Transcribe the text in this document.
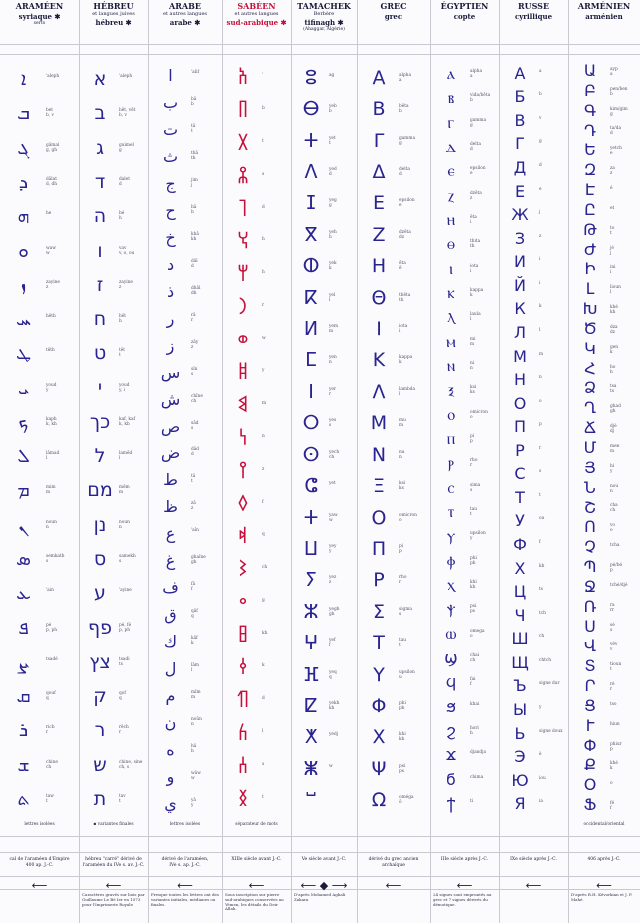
ARAMÉEN
syriaque ✱
serto
ܐ	'aleph
ܒ	bet
b, v
ܓ	gâmal
g, gh
ܕ	dâlat
d, dh
ܗ	he
ܘ	waw
w
ܙ	zayine
z
ܚ	hêth
ܛ	têth
ܝ	youd
y
ܟ	kaph
k, kh
ܠ	lâmad
l
ܡ	mim
m
ܢ	noun
n
ܣ	semkath
s
ܥ	'ain
ܦ	pé
p, ph
ܨ	tsadé
ܩ	qouf
q
ܪ	rich
r
ܫ	chine
ch
ܬ	taw
t
lettres isolées
cal de l'araméen d'Empire
400 ap. J.-C.
⟵
HÉBREU
et langues juives
hébreu ✱
א	'aleph
ב	bêt, vêt
b, v
ג	guimel
g
ד	dalet
d
ה	hé
h
ו	vav
v, o, ou
ז	zayine
z
ח	hêt
h
ט	têt
t
י	youd
y, i
כך	kaf, kaf
k, kh
ל	lamêd
l
מם	mêm
m
נן	noun
n
ס	samekh
s
ע	'ayine
פף	pé, fé
p, ph
צץ	tsadi
ts
ק	qof
q
ר	rêch
r
ש	chine, sine
ch, s
ת	tav
t
▪ variantes finales
hébreu "carré" dérivé de
l'araméen du IVe s. av. J.-C.
⟵
Caractères gravés sur bois par Guillaume Le Bé Ier en 1573 pour l'Imprimerie Royale
ARABE
et autres langues
arabe ✱
ا	'alif
ب	bâ
b
ت	tâ
t
ث	thâ
th
ج	jim
j
ح	hâ
h
خ	khâ
kh
د	dâl
d
ذ	dhâl
dh
ر	râ
r
ز	zây
z
س	sîn
s
ش	chîne
ch
ص	sâd
s
ض	dâd
d
ط	tâ
t
ظ	zâ
z
ع	'aîn
غ	ghaîne
gh
ف	fâ
f
ق	qâf
q
ك	kâf
k
ل	lâm
l
م	mîm
m
ن	noûn
n
ه	hâ
h
و	wâw
w
ي	yâ
y
lettres isolées
dérivé de l'araméen,
IVe s. ap. J.-C.
⟵
Presque toutes les lettres ont des variantes initiales, médianes ou finales.
SABÉEN
et autres langues
sud-arabique ✱
𐩱	'
𐩨	b
𐩩	t
𐩮	s
𐩴	d
𐩭	h
𐩢	h
𐩧	r
𐩥	w
𐩹	y
𐩣	m
𐩬	n
𐩺	z
𐩰	f
𐩵	q
𐩦	ch
𐩲	g
𐩳	kh
𐩤	k
𐩶	d
𐩫	l
𐩪	s
𐩯	t
séparateur de mots
XIIIe siècle avant J.-C.
⟵
Sous inscription sur pierre sud-arabiques conservées au Yémen, les détails du Deir Allah.
TAMACHEK
Berbère
tifinagh ✱
(Ahaggar, Algérie)
ⵓ	ag
ⴱ	yeb
b
ⵜ	yet
t
ⴷ	yed
d
ⵊ	yeg
g
ⴳ	yeh
h
ⵀ	yek
k
ⴽ	yel
l
ⵍ	yem
m
ⵎ	yen
n
ⵏ	yer
r
ⵔ	yes
s
ⵙ	yech
ch
ⵛ	yet
ⵜ	yaw
w
ⵡ	yey
y
ⵢ	yez
z
ⵣ	yegh
gh
ⵖ	yef
f
ⴼ	yeq
q
ⵇ	yekh
kh
ⵅ	yedj
ⵥ	w
ⵯ
Ve siècle avant J.-C.
⟵ ◆ ⟶
D'après Mohamed Aghali Zakara
GREC
grec
Α	alpha
a
Β	bêta
b
Γ	gamma
g
Δ	delta
d
Ε	epsilon
e
Ζ	dzêta
dz
Η	êta
ê
Θ	thêta
th
Ι	iota
i
Κ	kappa
k
Λ	lambda
l
Μ	mu
m
Ν	nu
n
Ξ	ksi
ks
Ο	omicron
o
Π	pi
p
Ρ	rho
r
Σ	sigma
s
Τ	tau
t
Υ	upsilon
u
Φ	phi
ph
Χ	khi
kh
Ψ	psi
ps
Ω	oméga
ô
dérivé du grec ancien archaïque
⟵
ÉGYPTIEN
copte
ⲁ	alpha
a
ⲃ	vida/bêta
b
ⲅ	gamma
g
ⲇ	delta
d
ⲉ	epsilon
e
ⲍ	dzêta
z
ⲏ	êta
i
ⲑ	thita
th
ⲓ	iota
i
ⲕ	kappa
k
ⲗ	laula
l
ⲙ	mi
m
ⲛ	ni
n
ⲝ	ksi
ks
ⲟ	omicron
o
ⲡ	pi
p
ⲣ	rho
r
ⲥ	sima
s
ⲧ	tau
t
ⲩ	upsilon
y
ⲫ	phi
ph
ⲭ	khi
kh
ⲯ	psi
ps
ⲱ	omega
o
ϣ	chai
ch
ϥ	fai
f
ϧ	khai
ϩ	hori
h
ϫ	djandja
ϭ	chima
ϯ	ti
IIIe siècle après J.-C.
⟵
24 signes sont empruntés au grec et 7 signes dérivés du démotique.
RUSSE
cyrillique
А	a
Б	b
В	v
Г	g
Д	d
Е	e
Ж	j
З	z
И	i
Й	i
К	k
Л	l
М	m
Н	n
О	o
П	p
Р	r
С	s
Т	t
У	ou
Ф	f
Х	kh
Ц	ts
Ч	tch
Ш	ch
Щ	chtch
Ъ	signe dur
Ы	y
Ь	signe doux
Э	è
Ю	iou
Я	ia
IXe siècle après J.-C.
⟵
ARMÉNIEN
arménien
Ա	ayp
a
Բ	pen/ben
b
Գ	kim/gim
g
Դ	ta/da
d
Ե	yetch
e
Զ	za
z
Է	é
Ը	et
Թ	to
t
Ժ	jé
j
Ի	ini
i
Լ	lioun
l
Խ	khé
kh
Ծ	dza
dz
Կ	gen
k
Հ	ho
h
Ձ	tsa
ts
Ղ	ghad
gh
Ճ	djé
dj
Մ	men
m
Յ	hi
y
Ն	nou
n
Շ	cha
ch
Ո	vo
o
Չ	tcha
Պ	pé/bé
p
Ջ	tché/djé
Ռ	ra
rr
Ս	sé
s
Վ	vév
v
Տ	tioun
t
Ր	ré
r
Ց	tso
Ւ	hiun
Փ	phiur
p
Ք	khé
k
Օ	o
Ֆ	fé
f
occidental/oriental
406 après J.-C.
⟵
D'après R.H. Kévorkian et J. P. Mahé.
